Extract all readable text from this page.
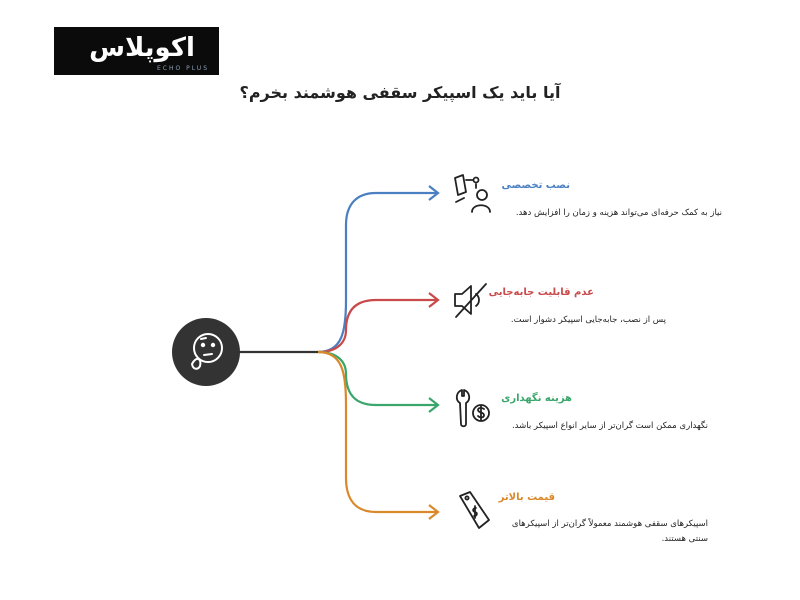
اکوپلاس
ECHO PLUS
آیا باید یک اسپیکر سقفی هوشمند بخرم؟
نصب تخصصی
نیاز به کمک حرفه‌ای می‌تواند هزینه و زمان را افزایش دهد.
عدم قابلیت جابه‌جایی
پس از نصب، جابه‌جایی اسپیکر دشوار است.
هزینه نگهداری
نگهداری ممکن است گران‌تر از سایر انواع اسپیکر باشد.
قیمت بالاتر
اسپیکرهای سقفی هوشمند معمولاً گران‌تر از اسپیکرهای سنتی هستند.
